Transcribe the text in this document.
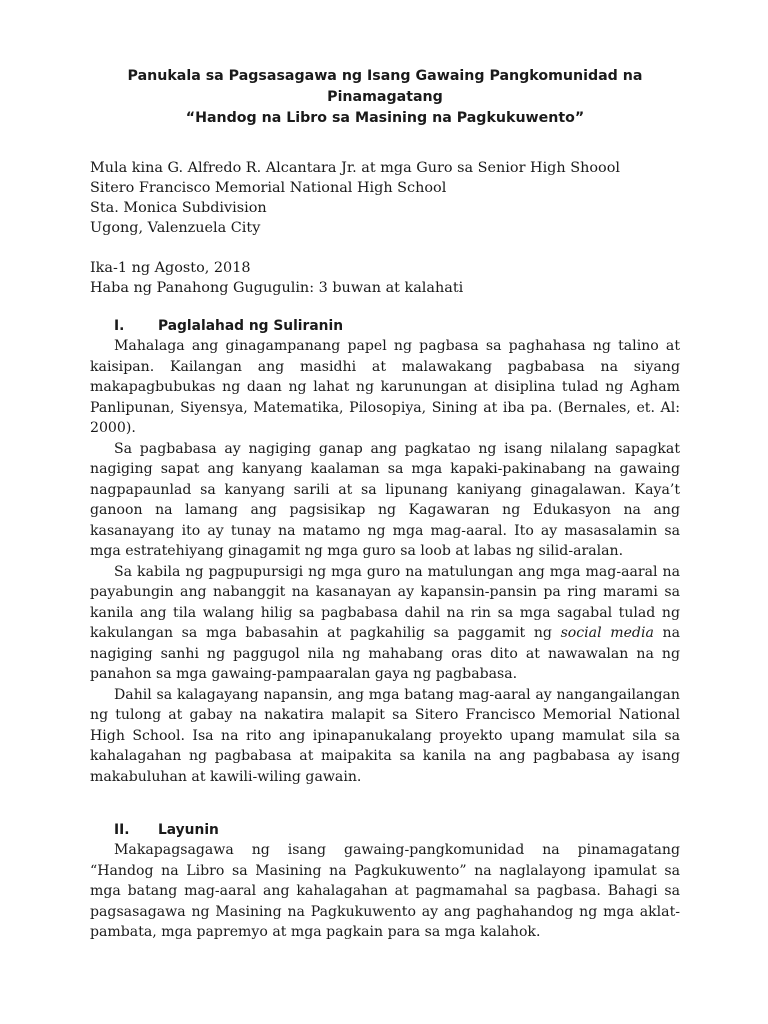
Panukala sa Pagsasagawa ng Isang Gawaing Pangkomunidad na Pinamagatang

“Handog na Libro sa Masining na Pagkukuwento”

Mula kina G. Alfredo R. Alcantara Jr. at mga Guro sa Senior High Shoool

Sitero Francisco Memorial National High School

Sta. Monica Subdivision

Ugong, Valenzuela City

Ika-1 ng Agosto, 2018

Haba ng Panahong Gugugulin: 3 buwan at kalahati

I.	Paglalahad ng Suliranin

Mahalaga ang ginagampanang papel ng pagbasa sa paghahasa ng talino at kaisipan. Kailangan ang masidhi at malawakang pagbabasa na siyang makapagbubukas ng daan ng lahat ng karunungan at disiplina tulad ng Agham Panlipunan, Siyensya, Matematika, Pilosopiya, Sining at iba pa. (Bernales, et. Al: 2000).

Sa pagbabasa ay nagiging ganap ang pagkatao ng isang nilalang sapagkat nagiging sapat ang kanyang kaalaman sa mga kapaki-pakinabang na gawaing nagpapaunlad sa kanyang sarili at sa lipunang kaniyang ginagalawan. Kaya’t ganoon na lamang ang pagsisikap ng Kagawaran ng Edukasyon na ang kasanayang ito ay tunay na matamo ng mga mag-aaral. Ito ay masasalamin sa mga estratehiyang ginagamit ng mga guro sa loob at labas ng silid-aralan.

Sa kabila ng pagpupursigi ng mga guro na matulungan ang mga mag-aaral na payabungin ang nabanggit na kasanayan ay kapansin-pansin pa ring marami sa kanila ang tila walang hilig sa pagbabasa dahil na rin sa mga sagabal tulad ng kakulangan sa mga babasahin at pagkahilig sa paggamit ng social media na nagiging sanhi ng paggugol nila ng mahabang oras dito at nawawalan na ng panahon sa mga gawaing-pampaaralan gaya ng pagbabasa.

Dahil sa kalagayang napansin, ang mga batang mag-aaral ay nangangailangan ng tulong at gabay na nakatira malapit sa Sitero Francisco Memorial National High School. Isa na rito ang ipinapanukalang proyekto upang mamulat sila sa kahalagahan ng pagbabasa at maipakita sa kanila na ang pagbabasa ay isang makabuluhan at kawili-wiling gawain.

II.	Layunin

Makapagsagawa ng isang gawaing-pangkomunidad na pinamagatang “Handog na Libro sa Masining na Pagkukuwento” na naglalayong ipamulat sa mga batang mag-aaral ang kahalagahan at pagmamahal sa pagbasa. Bahagi sa pagsasagawa ng Masining na Pagkukuwento ay ang paghahandog ng mga aklat-pambata, mga papremyo at mga pagkain para sa mga kalahok.
